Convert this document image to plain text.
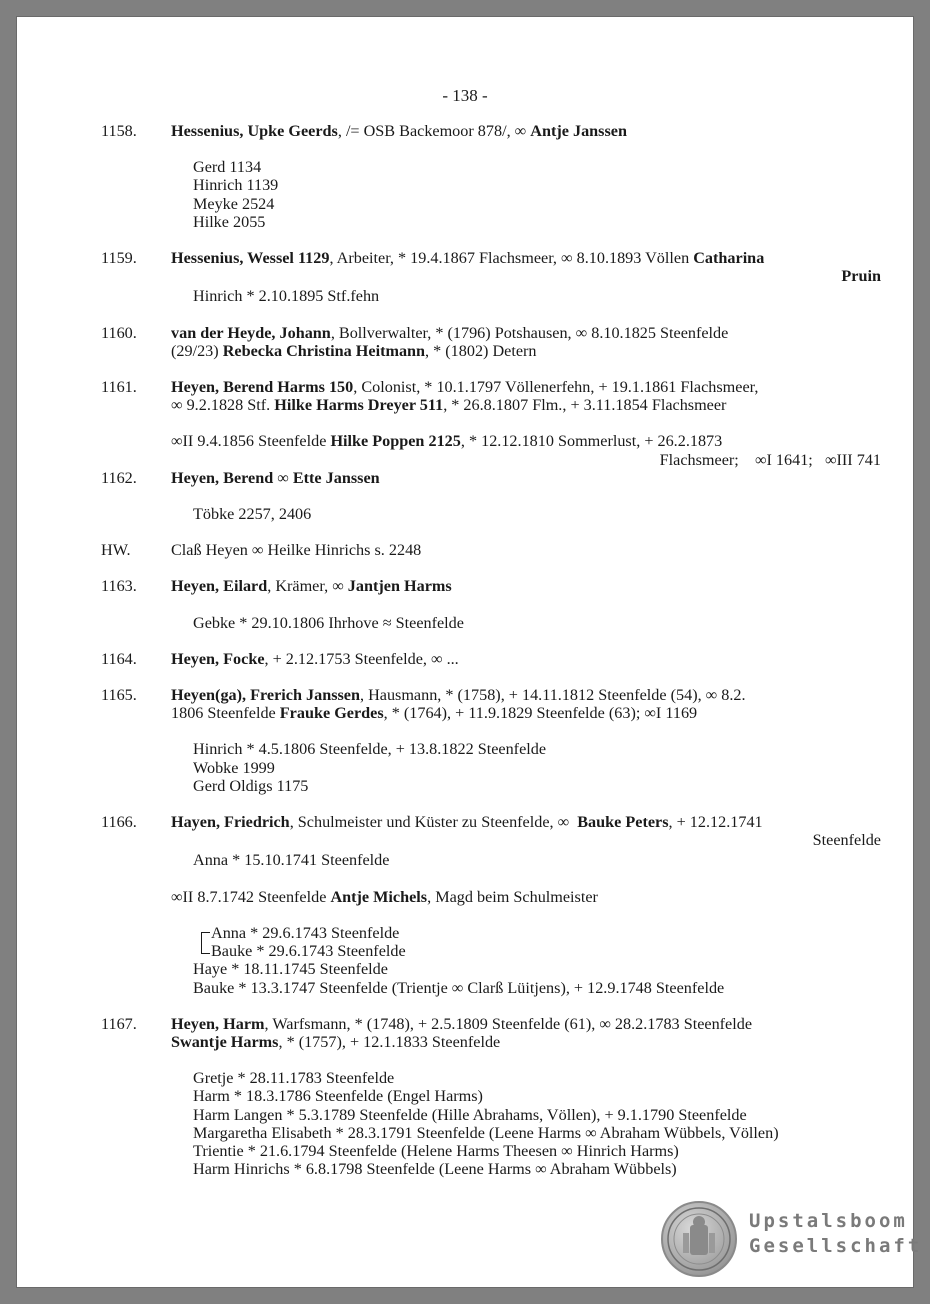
- 138 -
1158. Hessenius, Upke Geerds, /= OSB Backemoor 878/, ∞ Antje Janssen
Gerd 1134
Hinrich 1139
Meyke 2524
Hilke 2055
1159. Hessenius, Wessel 1129, Arbeiter, * 19.4.1867 Flachsmeer, ∞ 8.10.1893 Völlen Catharina
Pruin
Hinrich * 2.10.1895 Stf.fehn
1160. van der Heyde, Johann, Bollverwalter, * (1796) Potshausen, ∞ 8.10.1825 Steenfelde
(29/23) Rebecka Christina Heitmann, * (1802) Detern
1161. Heyen, Berend Harms 150, Colonist, * 10.1.1797 Völlenerfehn, + 19.1.1861 Flachsmeer,
∞ 9.2.1828 Stf. Hilke Harms Dreyer 511, * 26.8.1807 Flm., + 3.11.1854 Flachsmeer
∞II 9.4.1856 Steenfelde Hilke Poppen 2125, * 12.12.1810 Sommerlust, + 26.2.1873
Flachsmeer;    ∞I 1641;   ∞III 741
1162. Heyen, Berend ∞ Ette Janssen
Töbke 2257, 2406
HW. Claß Heyen ∞ Heilke Hinrichs s. 2248
1163. Heyen, Eilard, Krämer, ∞ Jantjen Harms
Gebke * 29.10.1806 Ihrhove ≈ Steenfelde
1164. Heyen, Focke, + 2.12.1753 Steenfelde, ∞ ...
1165. Heyen(ga), Frerich Janssen, Hausmann, * (1758), + 14.11.1812 Steenfelde (54), ∞ 8.2.
1806 Steenfelde Frauke Gerdes, * (1764), + 11.9.1829 Steenfelde (63); ∞I 1169
Hinrich * 4.5.1806 Steenfelde, + 13.8.1822 Steenfelde
Wobke 1999
Gerd Oldigs 1175
1166. Hayen, Friedrich, Schulmeister und Küster zu Steenfelde, ∞  Bauke Peters, + 12.12.1741
Steenfelde
Anna * 15.10.1741 Steenfelde
∞II 8.7.1742 Steenfelde Antje Michels, Magd beim Schulmeister
Anna * 29.6.1743 Steenfelde
Bauke * 29.6.1743 Steenfelde
Haye * 18.11.1745 Steenfelde
Bauke * 13.3.1747 Steenfelde (Trientje ∞ Clarß Lüitjens), + 12.9.1748 Steenfelde
1167. Heyen, Harm, Warfsmann, * (1748), + 2.5.1809 Steenfelde (61), ∞ 28.2.1783 Steenfelde
Swantje Harms, * (1757), + 12.1.1833 Steenfelde
Gretje * 28.11.1783 Steenfelde
Harm * 18.3.1786 Steenfelde (Engel Harms)
Harm Langen * 5.3.1789 Steenfelde (Hille Abrahams, Völlen), + 9.1.1790 Steenfelde
Margaretha Elisabeth * 28.3.1791 Steenfelde (Leene Harms ∞ Abraham Wübbels, Völlen)
Trientie * 21.6.1794 Steenfelde (Helene Harms Theesen ∞ Hinrich Harms)
Harm Hinrichs * 6.8.1798 Steenfelde (Leene Harms ∞ Abraham Wübbels)
Upstalsboom
Gesellschaft
